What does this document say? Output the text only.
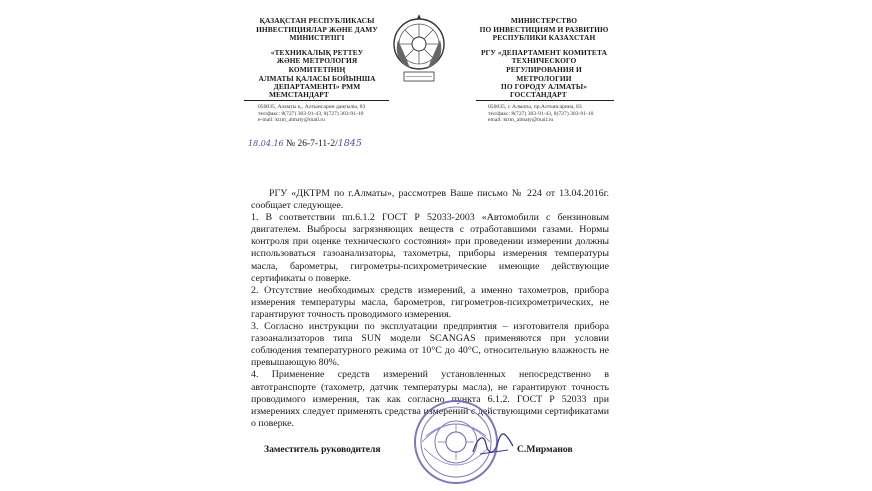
ҚАЗАҚСТАН РЕСПУБЛИКАСЫ
ИНВЕСТИЦИЯЛАР ЖӘНЕ ДАМУ
МИНИСТРЛІГІ
«ТЕХНИКАЛЫҚ РЕТТЕУ
ЖӘНЕ МЕТРОЛОГИЯ КОМИТЕТІНІҢ
АЛМАТЫ ҚАЛАСЫ БОЙЫНША
ДЕПАРТАМЕНТІ» РММ
МЕМСТАНДАРТ
050035, Алматы қ., Алтынсарин даңғылы, 83
тел/факс: 8(727) 303-91-43, 8(727) 303-91-10
e-mail: ktrm_almaty@mail.ru
МИНИСТЕРСТВО
ПО ИНВЕСТИЦИЯМ И РАЗВИТИЮ
РЕСПУБЛИКИ КАЗАХСТАН
РГУ «ДЕПАРТАМЕНТ КОМИТЕТА
ТЕХНИЧЕСКОГО РЕГУЛИРОВАНИЯ И
МЕТРОЛОГИИ
ПО ГОРОДУ АЛМАТЫ»
ГОССТАНДАРТ
050035, г. Алматы, пр.Алтынсарина, 83
тел/факс: 8(727) 303-91-43, 8(727) 303-91-10
email: ktrm_almaty@mail.ru
18.04.16 № 26-7-11-2/1845

РГУ «ДКТРМ по г.Алматы», рассмотрев Ваше письмо № 224 от 13.04.2016г. сообщает следующее.

1. В соответствии пп.6.1.2 ГОСТ Р 52033-2003 «Автомобили с бензиновым двигателем. Выбросы загрязняющих веществ с отработавшими газами. Нормы контроля при оценке технического состояния» при проведении измерении должны использоваться газоанализаторы, тахометры, приборы измерения температуры масла, барометры, гигрометры-психрометрические имеющие действующие сертификаты о поверке.

2. Отсутствие необходимых средств измерений, а именно тахометров, прибора измерения температуры масла, барометров, гигрометров-психрометрических, не гарантируют точность проводимого измерения.

3. Согласно инструкции по эксплуатации предприятия – изготовителя прибора газоанализаторов типа SUN модели SCANGAS применяются при условии соблюдения температурного режима от 10°С до 40°С, относительную влажность не превышающую 80%.

4. Применение средств измерений установленных непосредственно в автотранспорте (тахометр, датчик температуры масла), не гарантируют точность проводимого измерения, так как согласно пункта 6.1.2. ГОСТ Р 52033 при измерениях следует применять средства измерений с действующими сертификатами о поверке.

Заместитель руководителя	С.Мирманов
